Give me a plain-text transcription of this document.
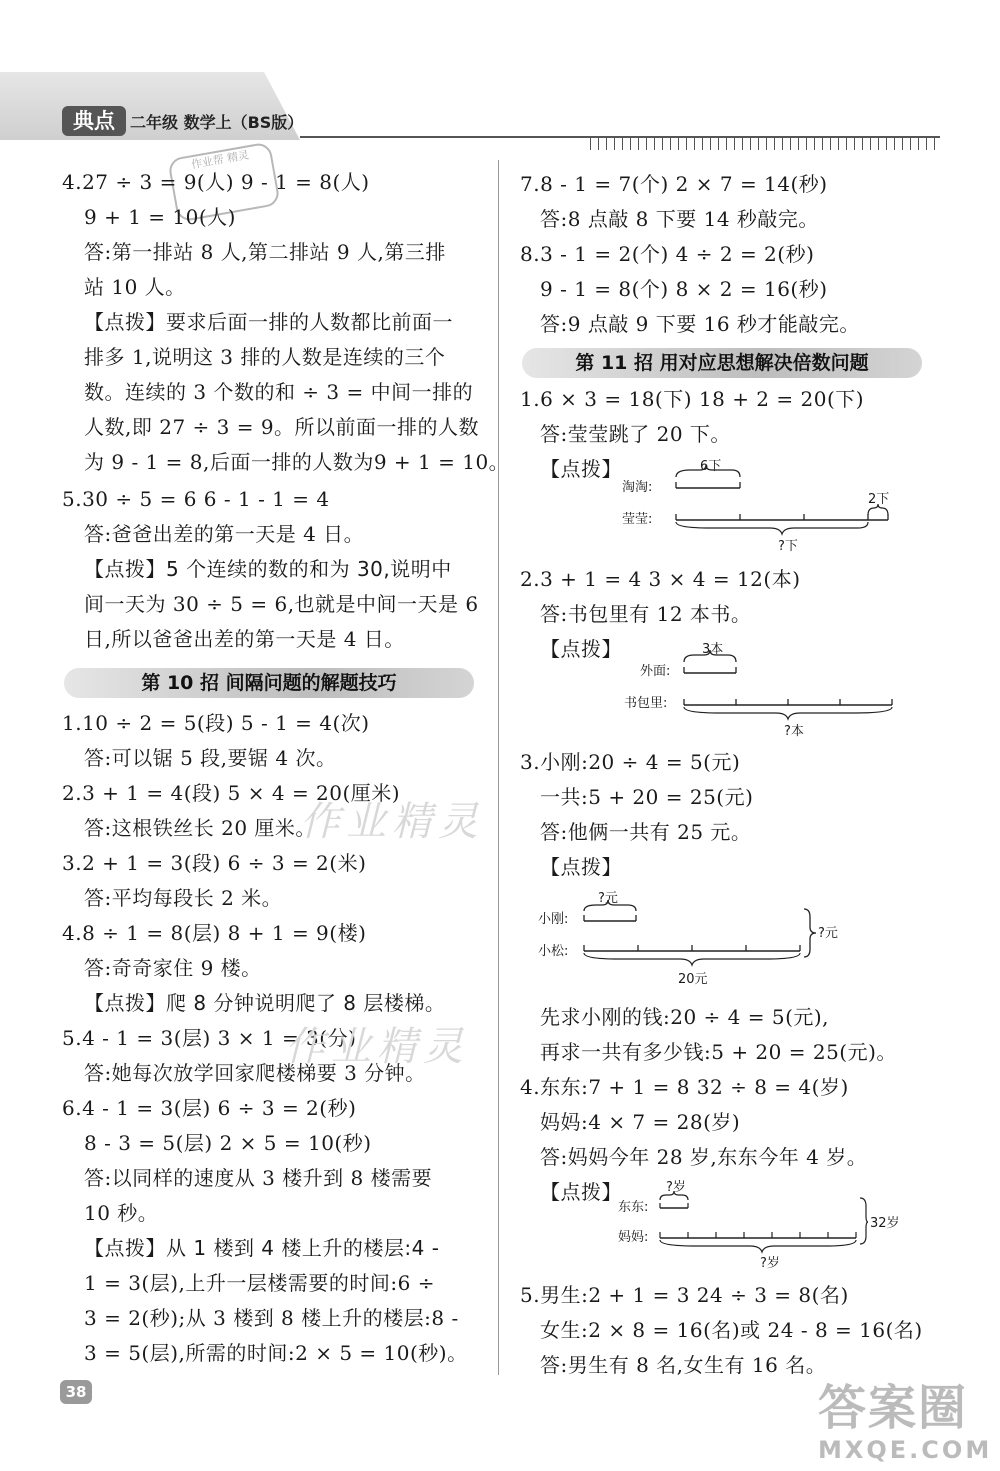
典点 二年级 数学上（BS版）
作业帮 精灵
4.27 ÷ 3 = 9(人) 9 - 1 = 8(人)
9 + 1 = 10(人)
答:第一排站 8 人,第二排站 9 人,第三排
站 10 人。
【点拨】要求后面一排的人数都比前面一
排多 1,说明这 3 排的人数是连续的三个
数。连续的 3 个数的和 ÷ 3 = 中间一排的
人数,即 27 ÷ 3 = 9。所以前面一排的人数
为 9 - 1 = 8,后面一排的人数为9 + 1 = 10。
5.30 ÷ 5 = 6 6 - 1 - 1 = 4
答:爸爸出差的第一天是 4 日。
【点拨】5 个连续的数的和为 30,说明中
间一天为 30 ÷ 5 = 6,也就是中间一天是 6
日,所以爸爸出差的第一天是 4 日。
第 10 招 间隔问题的解题技巧
1.10 ÷ 2 = 5(段) 5 - 1 = 4(次)
答:可以锯 5 段,要锯 4 次。
2.3 + 1 = 4(段) 5 × 4 = 20(厘米)
答:这根铁丝长 20 厘米。
3.2 + 1 = 3(段) 6 ÷ 3 = 2(米)
答:平均每段长 2 米。
4.8 ÷ 1 = 8(层) 8 + 1 = 9(楼)
答:奇奇家住 9 楼。
【点拨】爬 8 分钟说明爬了 8 层楼梯。
5.4 - 1 = 3(层) 3 × 1 = 3(分)
答:她每次放学回家爬楼梯要 3 分钟。
6.4 - 1 = 3(层) 6 ÷ 3 = 2(秒)
8 - 3 = 5(层) 2 × 5 = 10(秒)
答:以同样的速度从 3 楼升到 8 楼需要
10 秒。
【点拨】从 1 楼到 4 楼上升的楼层:4 -
1 = 3(层),上升一层楼需要的时间:6 ÷
3 = 2(秒);从 3 楼到 8 楼上升的楼层:8 -
3 = 5(层),所需的时间:2 × 5 = 10(秒)。
38
作业精灵
作业精灵
7.8 - 1 = 7(个) 2 × 7 = 14(秒)
答:8 点敲 8 下要 14 秒敲完。
8.3 - 1 = 2(个) 4 ÷ 2 = 2(秒)
9 - 1 = 8(个) 8 × 2 = 16(秒)
答:9 点敲 9 下要 16 秒才能敲完。
第 11 招 用对应思想解决倍数问题
1.6 × 3 = 18(下) 18 + 2 = 20(下)
答:莹莹跳了 20 下。
【点拨】
淘淘:
莹莹:
6下
2下
?下
2.3 + 1 = 4 3 × 4 = 12(本)
答:书包里有 12 本书。
【点拨】
外面:
书包里:
3本
?本
3.小刚:20 ÷ 4 = 5(元)
一共:5 + 20 = 25(元)
答:他俩一共有 25 元。
【点拨】
小刚:
小松:
?元
?元
20元
先求小刚的钱:20 ÷ 4 = 5(元),
再求一共有多少钱:5 + 20 = 25(元)。
4.东东:7 + 1 = 8 32 ÷ 8 = 4(岁)
妈妈:4 × 7 = 28(岁)
答:妈妈今年 28 岁,东东今年 4 岁。
【点拨】
东东:
妈妈:
?岁
32岁
?岁
5.男生:2 + 1 = 3 24 ÷ 3 = 8(名)
女生:2 × 8 = 16(名)或 24 - 8 = 16(名)
答:男生有 8 名,女生有 16 名。
答案圈
MXQE.COM
